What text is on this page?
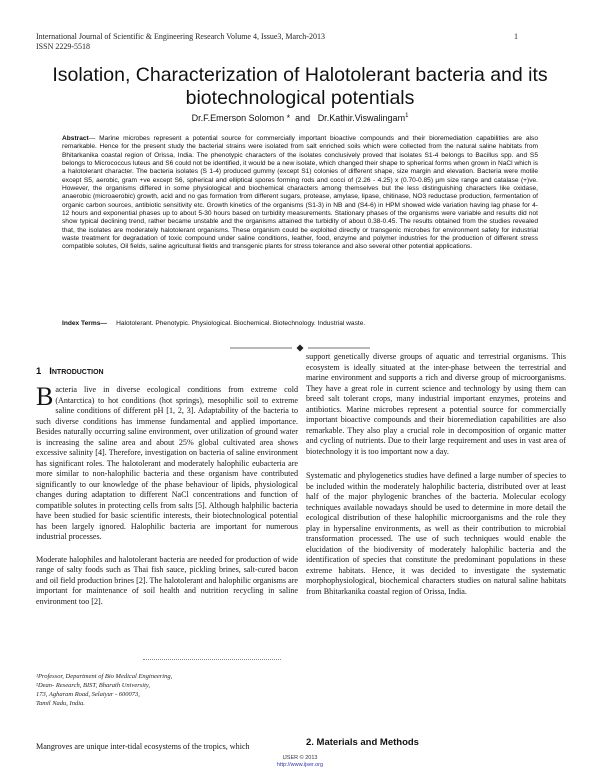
International Journal of Scientific & Engineering Research Volume 4, Issue3, March-2013
ISSN 2229-5518
1
Isolation, Characterization of Halotolerant bacteria and its biotechnological potentials
Dr.F.Emerson Solomon * and Dr.Kathir.Viswalingam$^1$
Abstract— Marine microbes represent a potential source for commercially important bioactive compounds and their bioremediation capabilities are also remarkable. Hence for the present study the bacterial strains were isolated from salt enriched soils which were collected from the natural saline habitats from Bhitarkanika coastal region of Orissa, India. The phenotypic characters of the isolates conclusively proved that isolates S1-4 belongs to Bacillus spp. and S5 belongs to Micrococcus luteus and S6 could not be identified, it would be a new isolate, which changed their shape to spherical forms when grown in NaCl which is a halotolerant character. The bacteria isolates (S 1-4) produced gummy (except S1) colonies of different shape, size margin and elevation. Bacteria were motile except S5, aerobic, gram +ve except S6, spherical and elliptical spores forming rods and cocci of (2.26 - 4.25) x (0.70-0.85) µm size range and catalase (+)ve. However, the organisms differed in some physiological and biochemical characters among themselves but the less distinguishing characters like oxidase, anaerobic (microaerobic) growth, acid and no gas formation from different sugars, protease, amylase, lipase, chitinase, NO3 reductase production, fermentation of organic carbon sources, antibiotic sensitivity etc. Growth kinetics of the organisms (S1-3) in NB and (S4-6) in HPM showed wide variation having lag phase for 4-12 hours and exponential phases up to about 5-30 hours based on turbidity measurements. Stationary phases of the organisms were variable and results did not show typical declining trend, rather became unstable and the organisms attained the turbidity of about 0.38-0.45. The results obtained from the studies revealed that, the isolates are moderately halotolerant organisms. These organism could be exploited directly or transgenic microbes for environment safety for industrial waste treatment for degradation of toxic compound under saline conditions, leather, food, enzyme and polymer industries for the production of different stress compatible solutes, Oil fields, saline agricultural fields and transgenic plants for stress tolerance and also several other potential applications.
Index Terms— Halotolerant. Phenotypic. Physiological. Biochemical. Biotechnology. Industrial waste.
1 Introduction

Bacteria live in diverse ecological conditions from extreme cold (Antarctica) to hot conditions (hot springs), mesophilic soil to extreme saline conditions of different pH [1, 2, 3]. Adaptability of the bacteria to such diverse conditions has immense fundamental and applied importance. Besides naturally occurring saline environment, over utilization of ground water is increasing the saline area and about 25% global cultivated area shows excessive salinity [4]. Therefore, investigation on bacteria of saline environment has significant roles. The halotolerant and moderately halophilic eubacteria are more similar to non-halophilic bacteria and these organism have contributed significantly to our knowledge of the phase behaviour of lipids, physiological changes during adaptation to different NaCl concentrations and function of compatible solutes in protecting cells from salts [5]. Although halphilic bacteria have been studied for basic scientific interests, their biotechnological potential has been largely ignored. Halophilic bacteria are important for numerous industrial processes.

Moderate halophiles and halotolerant bacteria are needed for production of wide range of salty foods such as Thai fish sauce, pickling brines, salt-cured bacon and oil field production brines [2]. The halotolerant and halophilic organisms are important for maintenance of soil health and nutrition recycling in saline environment too [2].

¹Professor, Department of Bio Medical Engineering,
²Dean- Research, BIST, Bharath University,
173, Agharam Road, Selaiyur - 600073,
Tamil Nadu, India.
Mangroves are unique inter-tidal ecosystems of the tropics, which

support genetically diverse groups of aquatic and terrestrial organisms. This ecosystem is ideally situated at the inter-phase between the terrestrial and marine environment and supports a rich and diverse group of microorganisms. They have a great role in current science and technology by using them can breed salt tolerant crops, many industrial important enzymes, proteins and antibiotics. Marine microbes represent a potential source for commercially important bioactive compounds and their bioremediation capabilities are also remarkable. They also play a crucial role in decomposition of organic matter and cycling of nutrients. Due to their large requirement and uses in vast area of biotechnology it is too important now a day.

Systematic and phylogenetics studies have defined a large number of species to be included within the moderately halophilic bacteria, distributed over at least half of the major phylogenic branches of the bacteria. Molecular ecology techniques available nowadays should be used to determine in more detail the ecological distribution of these halophilic microorganisms and the role they play in hypersaline environments, as well as their contribution to microbial transformation processed. The use of such techniques would enable the elucidation of the biodiversity of moderately halophilic bacteria and the identification of species that constitute the predominant populations in these extreme habitats. Hence, it was decided to investigate the systematic morphophysiological, biochemical characters studies on natural saline habitats from Bhitarkanika coastal region of Orissa, India.

2. Materials and Methods
IJSER © 2013
http://www.ijser.org
